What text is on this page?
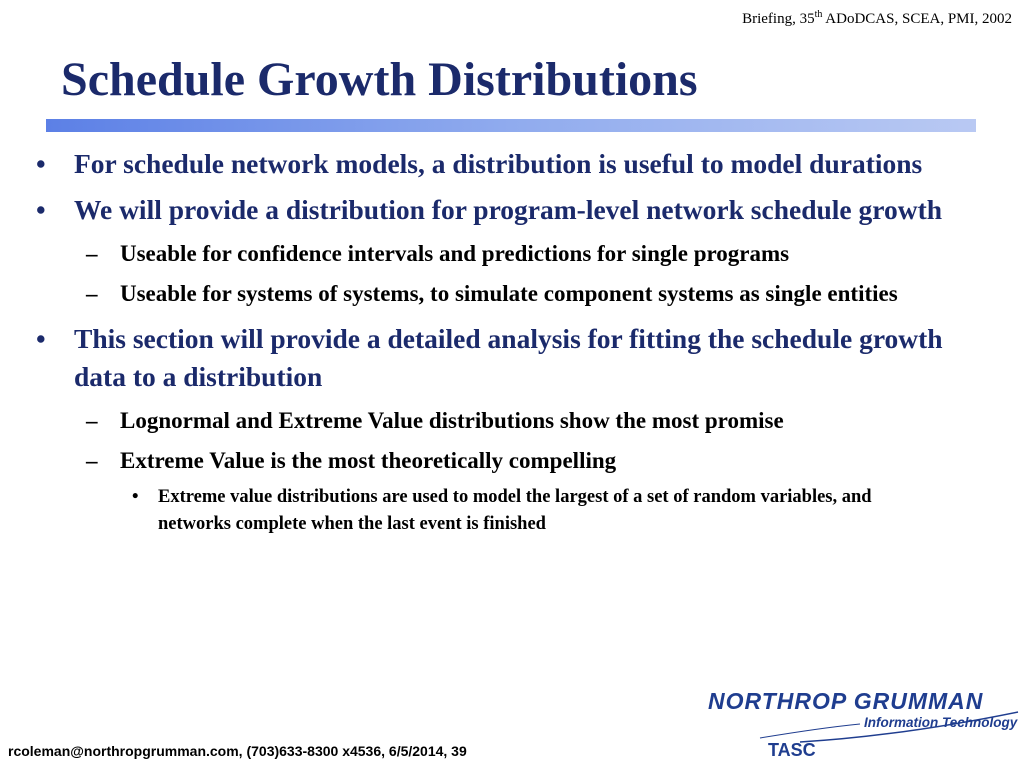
Briefing, 35th ADoDCAS, SCEA, PMI, 2002
Schedule Growth Distributions
• For schedule network models, a distribution is useful to model durations
• We will provide a distribution for program-level network schedule growth
– Useable for confidence intervals and predictions for single programs
– Useable for systems of systems, to simulate component systems as single entities
• This section will provide a detailed analysis for fitting the schedule growth data to a distribution
– Lognormal and Extreme Value distributions show the most promise
– Extreme Value is the most theoretically compelling
• Extreme value distributions are used to model the largest of a set of random variables, and networks complete when the last event is finished
NORTHROP GRUMMAN
Information Technology
TASC
rcoleman@northropgrumman.com, (703)633-8300 x4536, 6/5/2014, 39
